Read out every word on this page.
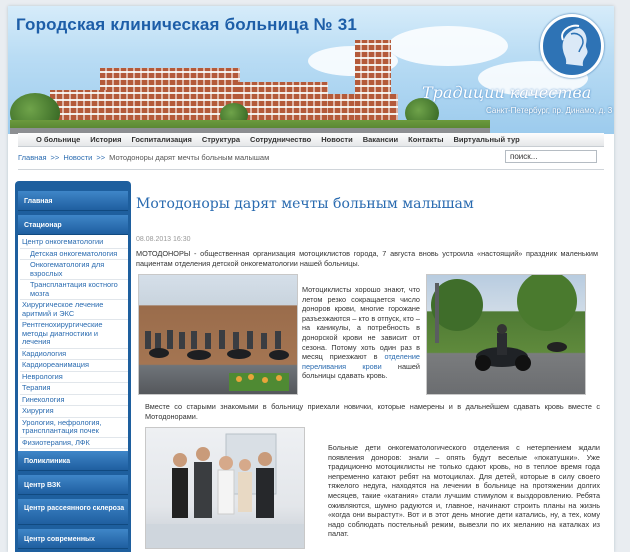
Городская клиническая больница № 31
Традиции качества
Санкт-Петербург, пр. Динамо, д. 3
О больнице История Госпитализация Структура Сотрудничество Новости Вакансии Контакты Виртуальный тур
Главная >> Новости >> Мотодоноры дарят мечты больным малышам
поиск...
Главная
Стационар
Центр онкогематологии
Детская онкогематология
Онкогематология для взрослых
Трансплантация костного мозга
Хирургическое лечение аритмий и ЭКС
Рентгенохирургические методы диагностики и лечения
Кардиология
Кардиореанимация
Неврология
Терапия
Гинекология
Хирургия
Урология, нефрология, трансплантация почек
Физиотерапия, ЛФК
Поликлиника
Центр ВЗК
Центр рассеянного склероза
Центр современных
Мотодоноры дарят мечты больным малышам
08.08.2013 16:30
МОТОДОНОРЫ - общественная организация мотоциклистов города, 7 августа вновь устроила «настоящий» праздник маленьким пациентам отделения детской онкогематологии нашей больницы.
Мотоциклисты хорошо знают, что летом резко сокращается число доноров крови, многие горожане разъезжаются – кто в отпуск, кто – на каникулы, а потребность в донорской крови не зависит от сезона. Потому хоть один раз в месяц приезжают в отделение переливания крови нашей больницы сдавать кровь.
Вместе со старыми знакомыми в больницу приехали новички, которые намерены и в дальнейшем сдавать кровь вместе с Мотодонорами.
Больные дети онкогематологического отделения с нетерпением ждали появления доноров: знали – опять будут веселые «покатушки». Уже традиционно мотоциклисты не только сдают кровь, но в теплое время года непременно катают ребят на мотоциклах. Для детей, которые в силу своего тяжелого недуга, находятся на лечении в больнице на протяжении долгих месяцев, такие «катания» стали лучшим стимулом к выздоровлению. Ребята оживляются, шумно радуются и, главное, начинают строить планы на жизнь «когда они вырастут». Вот и в этот день многие дети катались, ну, а тех, кому надо соблюдать постельный режим, вывезли по их желанию на каталках из палат.
